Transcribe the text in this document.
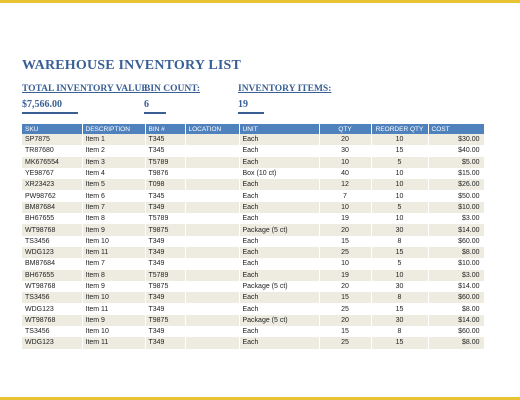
WAREHOUSE INVENTORY LIST
TOTAL INVENTORY VALUE
BIN COUNT:	INVENTORY ITEMS:
$7,566.00	6	19
SKU	DESCRIPTION	BIN #	LOCATION	UNIT	QTY	REORDER QTY	COST
SP7875	Item 1	T345		Each	20	10	$30.00
TR87680	Item 2	T345		Each	30	15	$40.00
MK676554	Item 3	T5789		Each	10	5	$5.00
YE98767	Item 4	T9876		Box (10 ct)	40	10	$15.00
XR23423	Item 5	T098		Each	12	10	$26.00
PW98762	Item 6	T345		Each	7	10	$50.00
BM87684	Item 7	T349		Each	10	5	$10.00
BH67655	Item 8	T5789		Each	19	10	$3.00
WT98768	Item 9	T9875		Package (5 ct)	20	30	$14.00
TS3456	Item 10	T349		Each	15	8	$60.00
WDG123	Item 11	T349		Each	25	15	$8.00
BM87684	Item 7	T349		Each	10	5	$10.00
BH67655	Item 8	T5789		Each	19	10	$3.00
WT98768	Item 9	T9875		Package (5 ct)	20	30	$14.00
TS3456	Item 10	T349		Each	15	8	$60.00
WDG123	Item 11	T349		Each	25	15	$8.00
WT98768	Item 9	T9875		Package (5 ct)	20	30	$14.00
TS3456	Item 10	T349		Each	15	8	$60.00
WDG123	Item 11	T349		Each	25	15	$8.00
